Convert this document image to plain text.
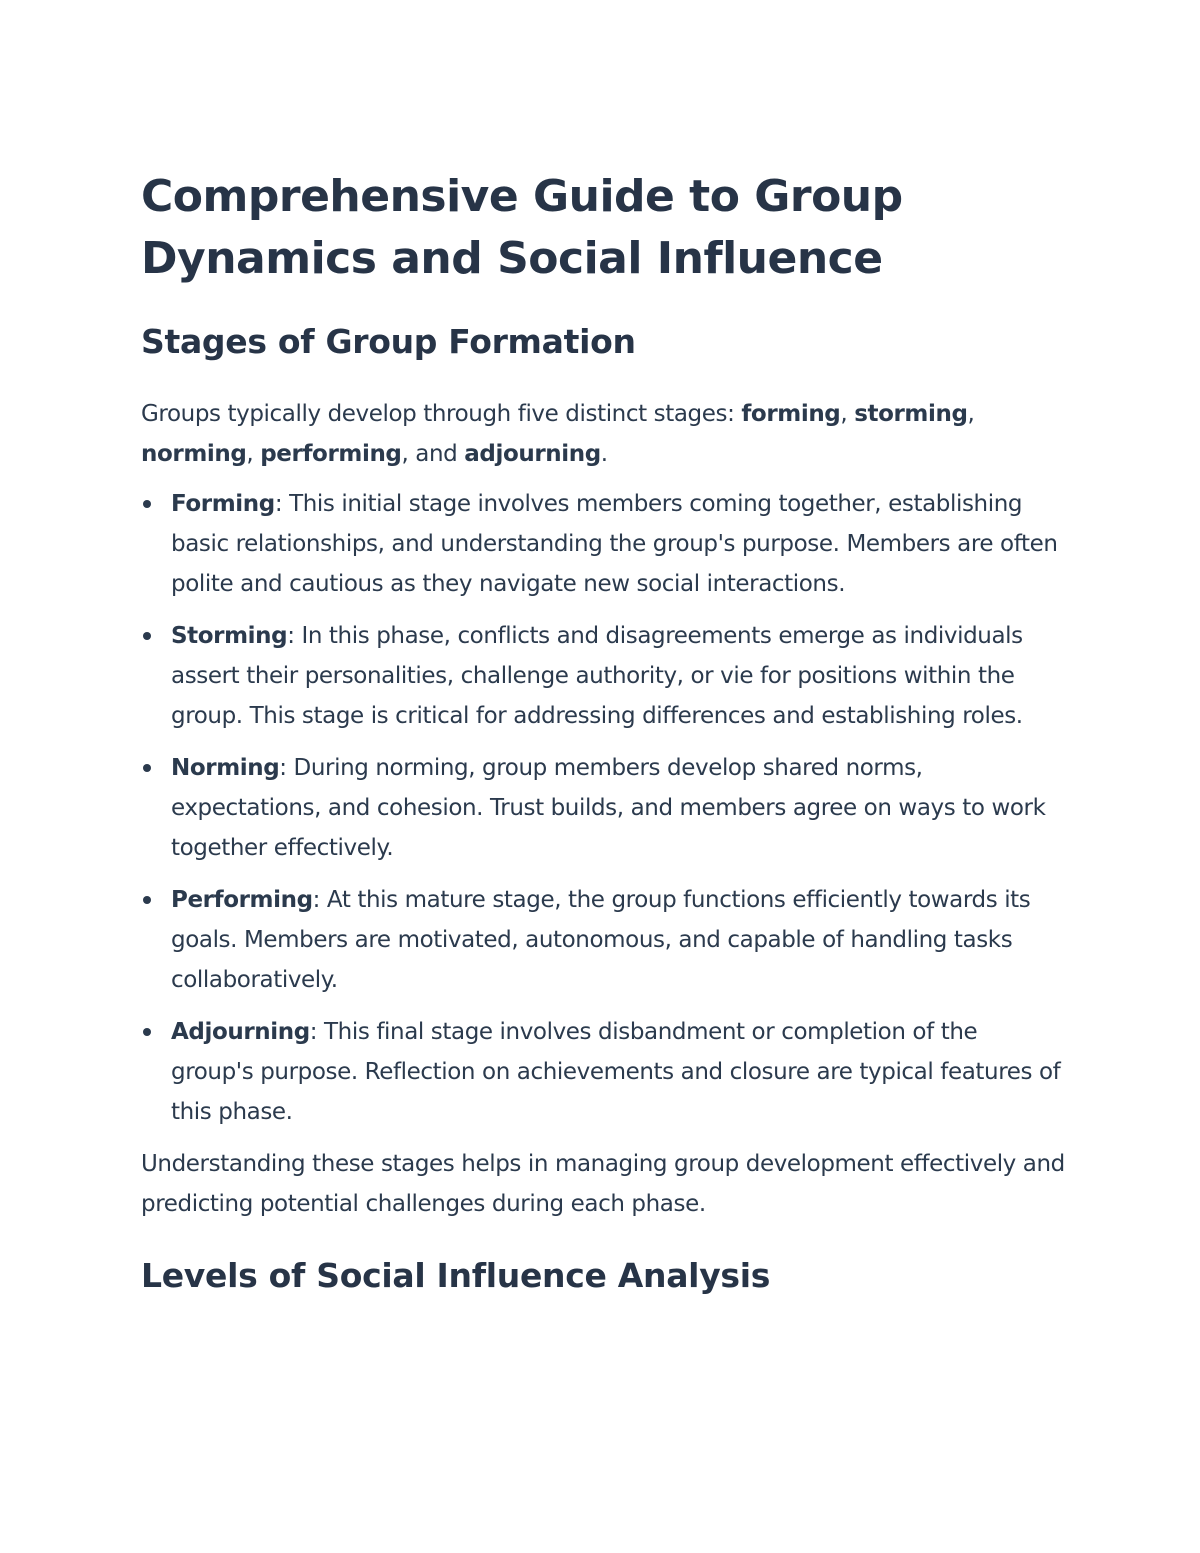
Comprehensive Guide to Group Dynamics and Social Influence
Stages of Group Formation

Groups typically develop through five distinct stages: forming, storming, norming, performing, and adjourning.

Forming: This initial stage involves members coming together, establishing basic relationships, and understanding the group's purpose. Members are often polite and cautious as they navigate new social interactions.
Storming: In this phase, conflicts and disagreements emerge as individuals assert their personalities, challenge authority, or vie for positions within the group. This stage is critical for addressing differences and establishing roles.
Norming: During norming, group members develop shared norms, expectations, and cohesion. Trust builds, and members agree on ways to work together effectively.
Performing: At this mature stage, the group functions efficiently towards its goals. Members are motivated, autonomous, and capable of handling tasks collaboratively.
Adjourning: This final stage involves disbandment or completion of the group's purpose. Reflection on achievements and closure are typical features of this phase.

Understanding these stages helps in managing group development effectively and predicting potential challenges during each phase.

Levels of Social Influence Analysis
